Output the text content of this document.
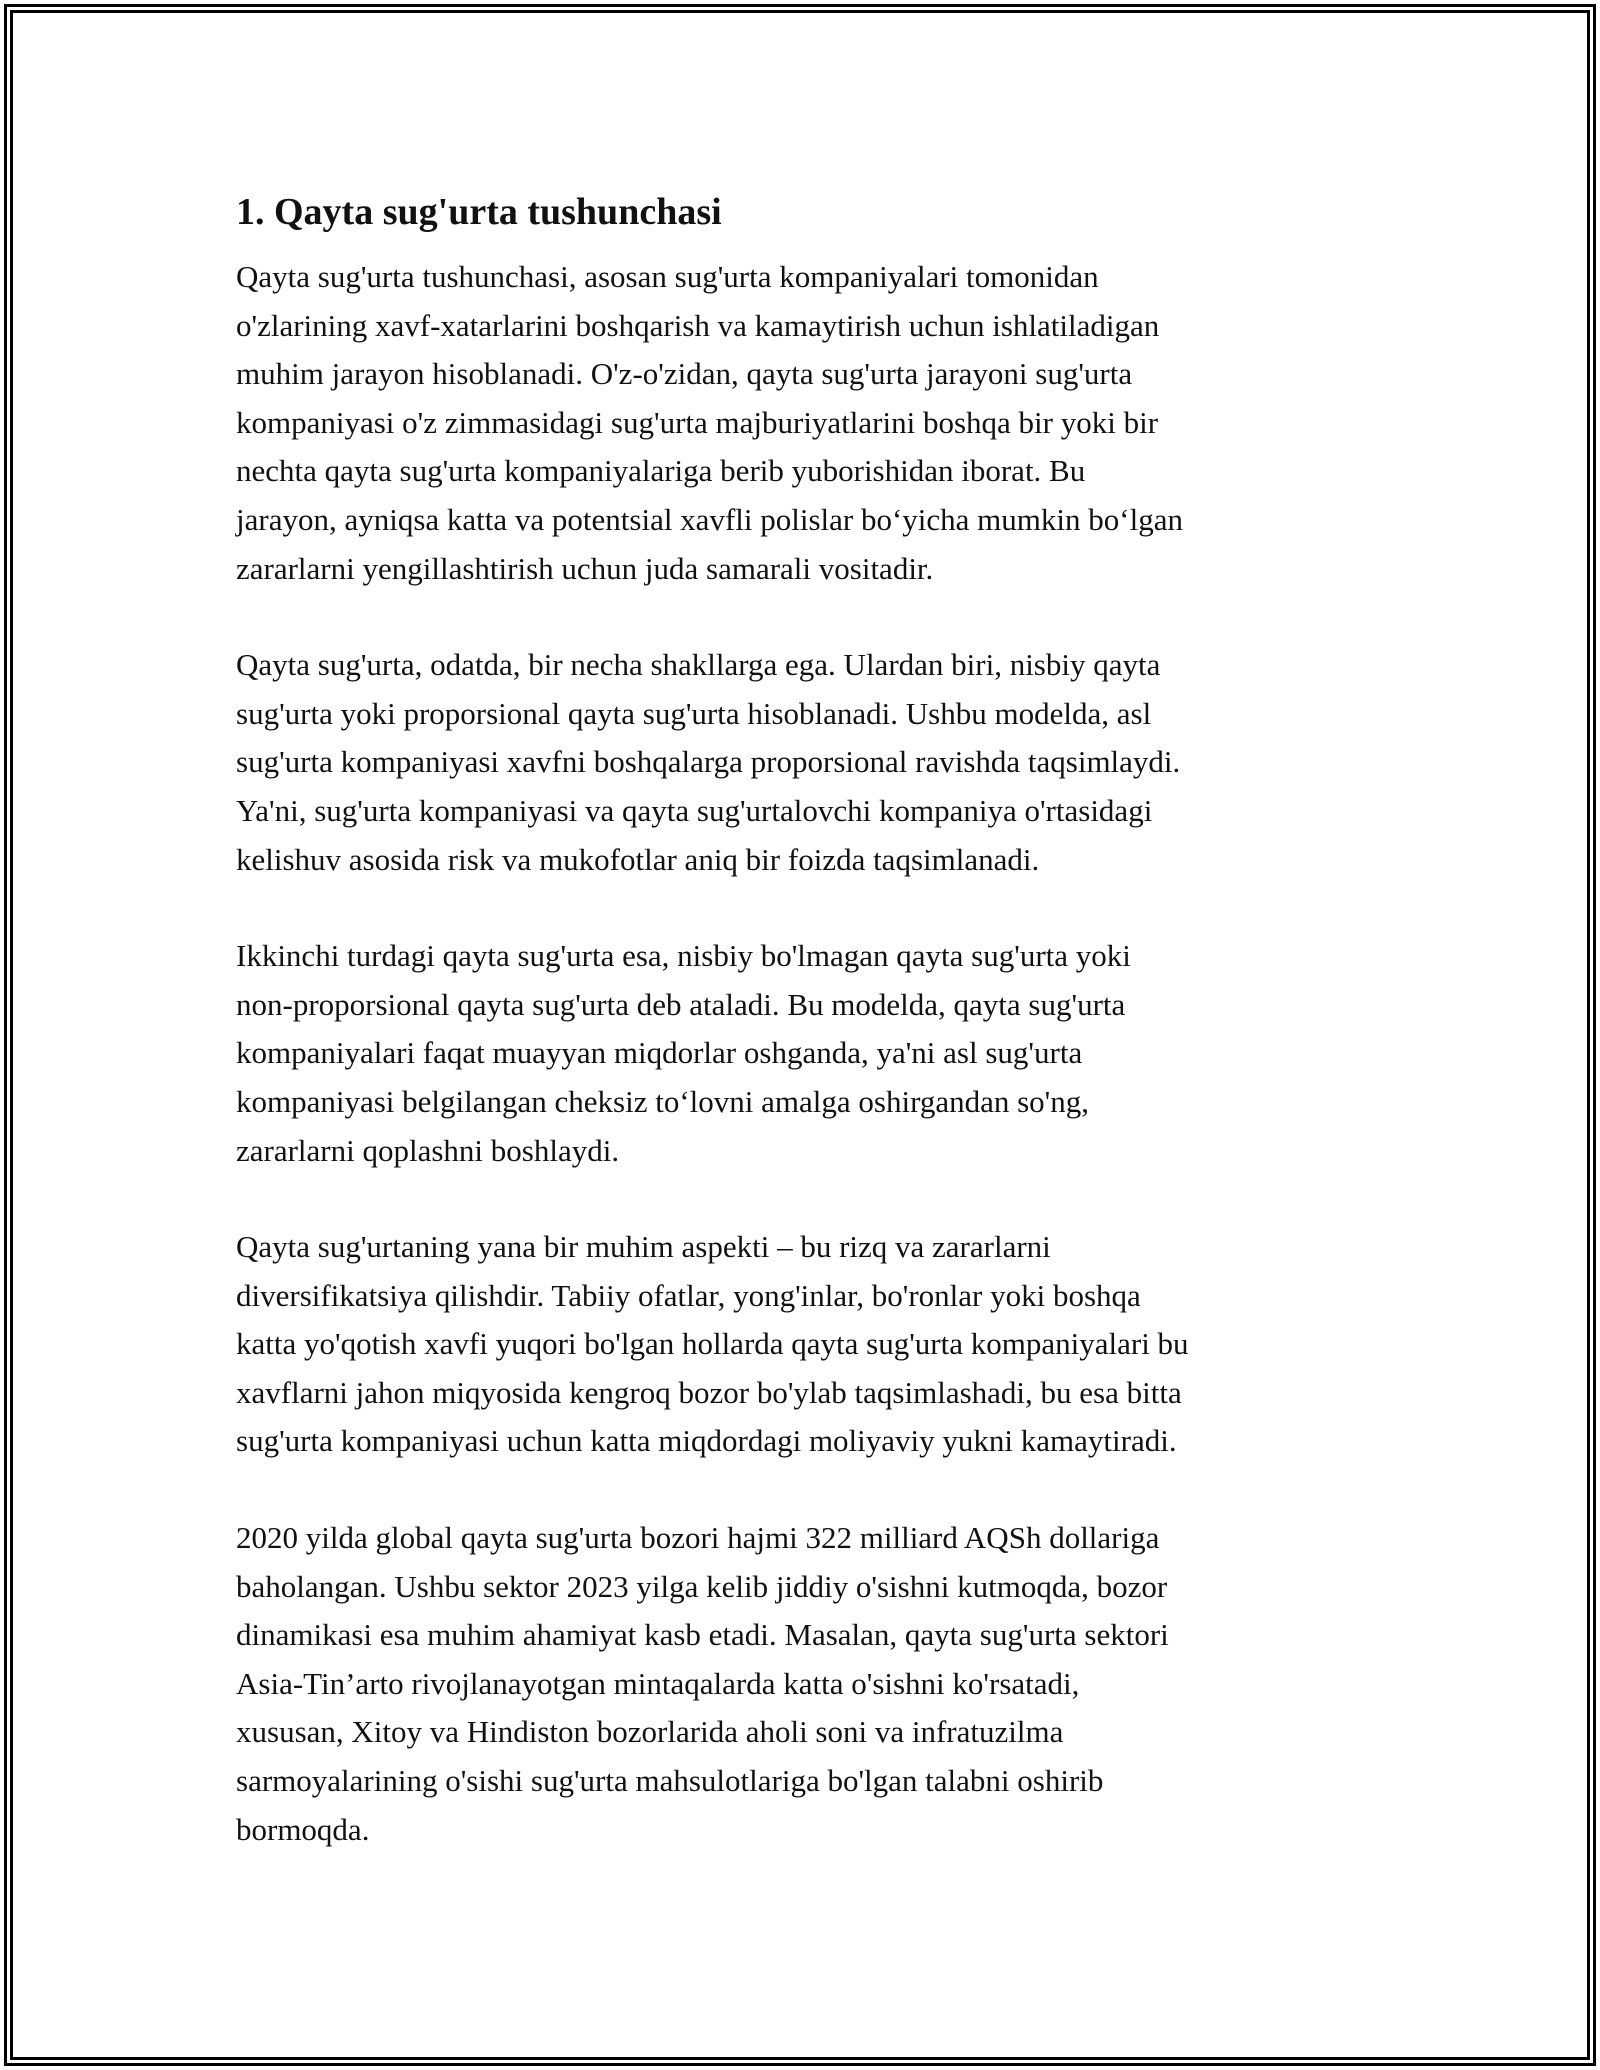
1. Qayta sug'urta tushunchasi

Qayta sug'urta tushunchasi, asosan sug'urta kompaniyalari tomonidan
o'zlarining xavf-xatarlarini boshqarish va kamaytirish uchun ishlatiladigan
muhim jarayon hisoblanadi. O'z-o'zidan, qayta sug'urta jarayoni sug'urta
kompaniyasi o'z zimmasidagi sug'urta majburiyatlarini boshqa bir yoki bir
nechta qayta sug'urta kompaniyalariga berib yuborishidan iborat. Bu
jarayon, ayniqsa katta va potentsial xavfli polislar bo‘yicha mumkin bo‘lgan
zararlarni yengillashtirish uchun juda samarali vositadir.

Qayta sug'urta, odatda, bir necha shakllarga ega. Ulardan biri, nisbiy qayta
sug'urta yoki proporsional qayta sug'urta hisoblanadi. Ushbu modelda, asl
sug'urta kompaniyasi xavfni boshqalarga proporsional ravishda taqsimlaydi.
Ya'ni, sug'urta kompaniyasi va qayta sug'urtalovchi kompaniya o'rtasidagi
kelishuv asosida risk va mukofotlar aniq bir foizda taqsimlanadi.

Ikkinchi turdagi qayta sug'urta esa, nisbiy bo'lmagan qayta sug'urta yoki
non-proporsional qayta sug'urta deb ataladi. Bu modelda, qayta sug'urta
kompaniyalari faqat muayyan miqdorlar oshganda, ya'ni asl sug'urta
kompaniyasi belgilangan cheksiz to‘lovni amalga oshirgandan so'ng,
zararlarni qoplashni boshlaydi.

Qayta sug'urtaning yana bir muhim aspekti – bu rizq va zararlarni
diversifikatsiya qilishdir. Tabiiy ofatlar, yong'inlar, bo'ronlar yoki boshqa
katta yo'qotish xavfi yuqori bo'lgan hollarda qayta sug'urta kompaniyalari bu
xavflarni jahon miqyosida kengroq bozor bo'ylab taqsimlashadi, bu esa bitta
sug'urta kompaniyasi uchun katta miqdordagi moliyaviy yukni kamaytiradi.

2020 yilda global qayta sug'urta bozori hajmi 322 milliard AQSh dollariga
baholangan. Ushbu sektor 2023 yilga kelib jiddiy o'sishni kutmoqda, bozor
dinamikasi esa muhim ahamiyat kasb etadi. Masalan, qayta sug'urta sektori
Asia-Tin’arto rivojlanayotgan mintaqalarda katta o'sishni ko'rsatadi,
xususan, Xitoy va Hindiston bozorlarida aholi soni va infratuzilma
sarmoyalarining o'sishi sug'urta mahsulotlariga bo'lgan talabni oshirib
bormoqda.
